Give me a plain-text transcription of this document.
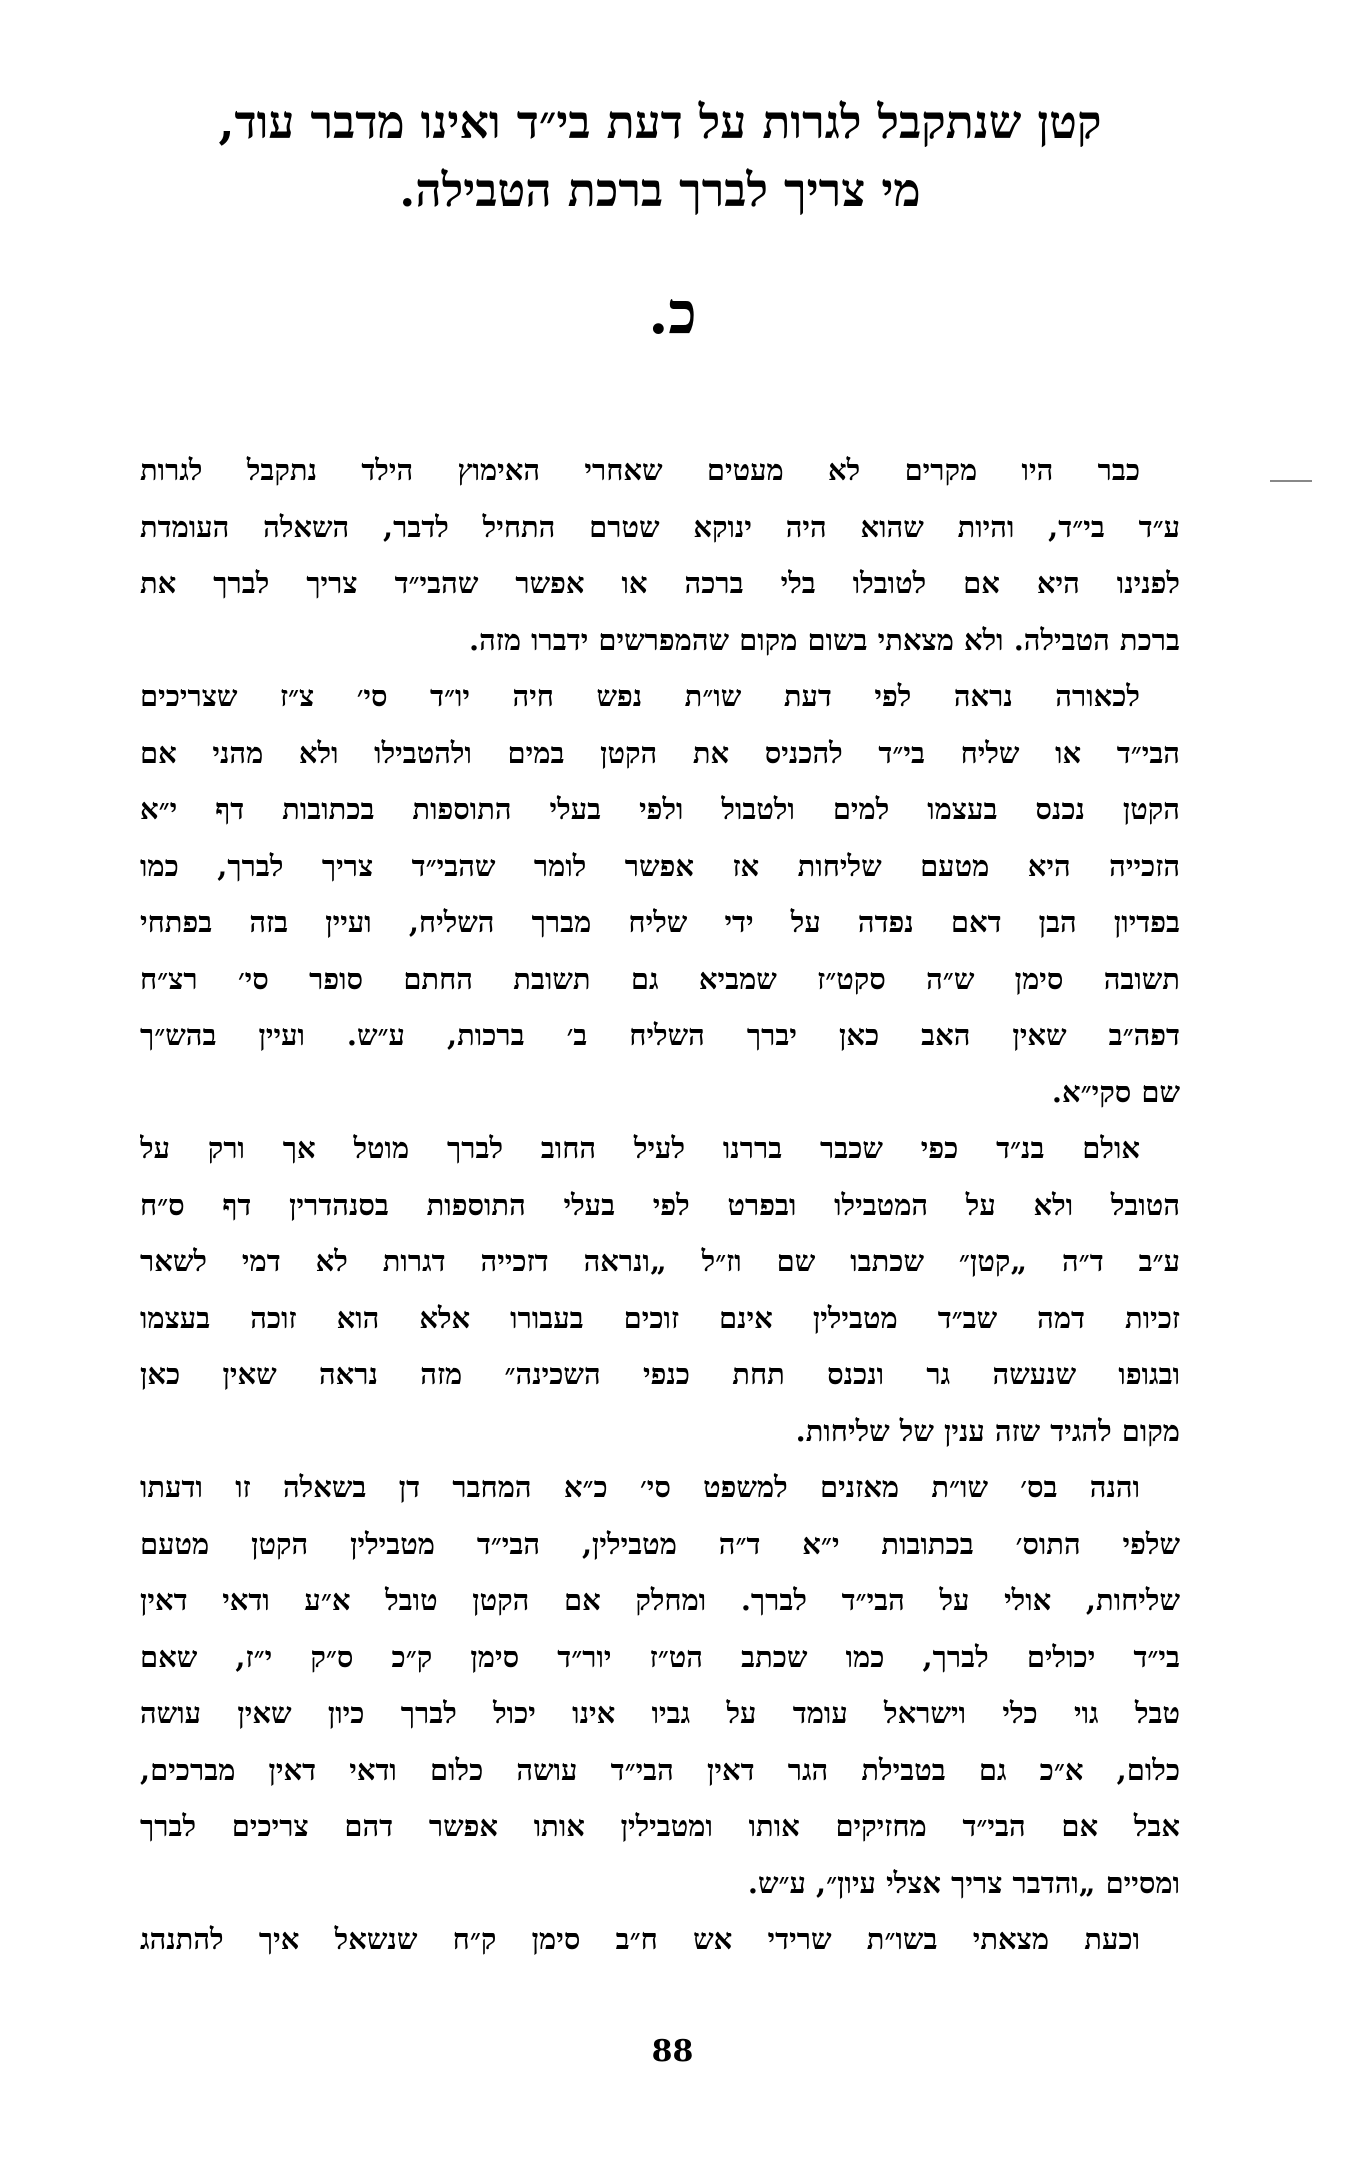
קטן שנתקבל לגרות על דעת בי״ד ואינו מדבר עוד,
מי צריך לברך ברכת הטבילה.
כ.
כבר היו מקרים לא מעטים שאחרי האימוץ הילד נתקבל לגרות
ע״ד בי״ד, והיות שהוא היה ינוקא שטרם התחיל לדבר, השאלה העומדת
לפנינו היא אם לטובלו בלי ברכה או אפשר שהבי״ד צריך לברך את
ברכת הטבילה. ולא מצאתי בשום מקום שהמפרשים ידברו מזה.
לכאורה נראה לפי דעת שו״ת נפש חיה יו״ד סי׳ צ״ז שצריכים
הבי״ד או שליח בי״ד להכניס את הקטן במים ולהטבילו ולא מהני אם
הקטן נכנס בעצמו למים ולטבול ולפי בעלי התוספות בכתובות דף י״א
הזכייה היא מטעם שליחות אז אפשר לומר שהבי״ד צריך לברך, כמו
בפדיון הבן דאם נפדה על ידי שליח מברך השליח, ועיין בזה בפתחי
תשובה סימן ש״ה סקט״ז שמביא גם תשובת החתם סופר סי׳ רצ״ח
דפה״ב שאין האב כאן יברך השליח ב׳ ברכות, ע״ש. ועיין בהש״ך
שם סקי״א.
אולם בנ״ד כפי שכבר בררנו לעיל החוב לברך מוטל אך ורק על
הטובל ולא על המטבילו ובפרט לפי בעלי התוספות בסנהדרין דף ס״ח
ע״ב ד״ה „קטן״ שכתבו שם וז״ל „ונראה דזכייה דגרות לא דמי לשאר
זכיות דמה שב״ד מטבילין אינם זוכים בעבורו אלא הוא זוכה בעצמו
ובגופו שנעשה גר ונכנס תחת כנפי השכינה״ מזה נראה שאין כאן
מקום להגיד שזה ענין של שליחות.
והנה בס׳ שו״ת מאזנים למשפט סי׳ כ״א המחבר דן בשאלה זו ודעתו
שלפי התוס׳ בכתובות י״א ד״ה מטבילין, הבי״ד מטבילין הקטן מטעם
שליחות, אולי על הבי״ד לברך. ומחלק אם הקטן טובל א״ע ודאי דאין
בי״ד יכולים לברך, כמו שכתב הט״ז יור״ד סימן ק״כ ס״ק י״ז, שאם
טבל גוי כלי וישראל עומד על גביו אינו יכול לברך כיון שאין עושה
כלום, א״כ גם בטבילת הגר דאין הבי״ד עושה כלום ודאי דאין מברכים,
אבל אם הבי״ד מחזיקים אותו ומטבילין אותו אפשר דהם צריכים לברך
ומסיים „והדבר צריך אצלי עיון״, ע״ש.
וכעת מצאתי בשו״ת שרידי אש ח״ב סימן ק״ח שנשאל איך להתנהג
88
